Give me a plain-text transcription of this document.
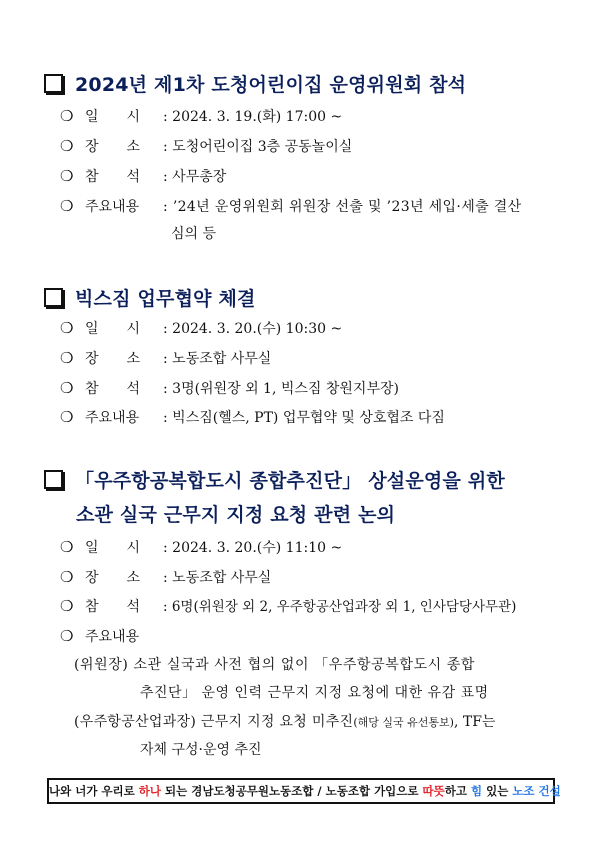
2024년 제1차 도청어린이집 운영위원회 참석
❍ 일　　시 : 2024. 3. 19.(화) 17:00 ~
❍ 장　　소 : 도청어린이집 3층 공동놀이실
❍ 참　　석 : 사무총장
❍ 주요내용 : ’24년 운영위원회 위원장 선출 및 ’23년 세입·세출 결산
심의 등
빅스짐 업무협약 체결
❍ 일　　시 : 2024. 3. 20.(수) 10:30 ~
❍ 장　　소 : 노동조합 사무실
❍ 참　　석 : 3명(위원장 외 1, 빅스짐 창원지부장)
❍ 주요내용 : 빅스짐(헬스, PT) 업무협약 및 상호협조 다짐
「우주항공복합도시 종합추진단」 상설운영을 위한
소관 실국 근무지 지정 요청 관련 논의
❍ 일　　시 : 2024. 3. 20.(수) 11:10 ~
❍ 장　　소 : 노동조합 사무실
❍ 참　　석 : 6명(위원장 외 2, 우주항공산업과장 외 1, 인사담당사무관)
❍ 주요내용
(위원장) 소관 실국과 사전 협의 없이 「우주항공복합도시 종합
추진단」 운영 인력 근무지 지정 요청에 대한 유감 표명
(우주항공산업과장) 근무지 지정 요청 미추진(해당 실국 유선통보), TF는
자체 구성·운영 추진
나와 너가 우리로 하나 되는 경남도청공무원노동조합 / 노동조합 가입으로 따뜻하고 힘 있는 노조 건설
